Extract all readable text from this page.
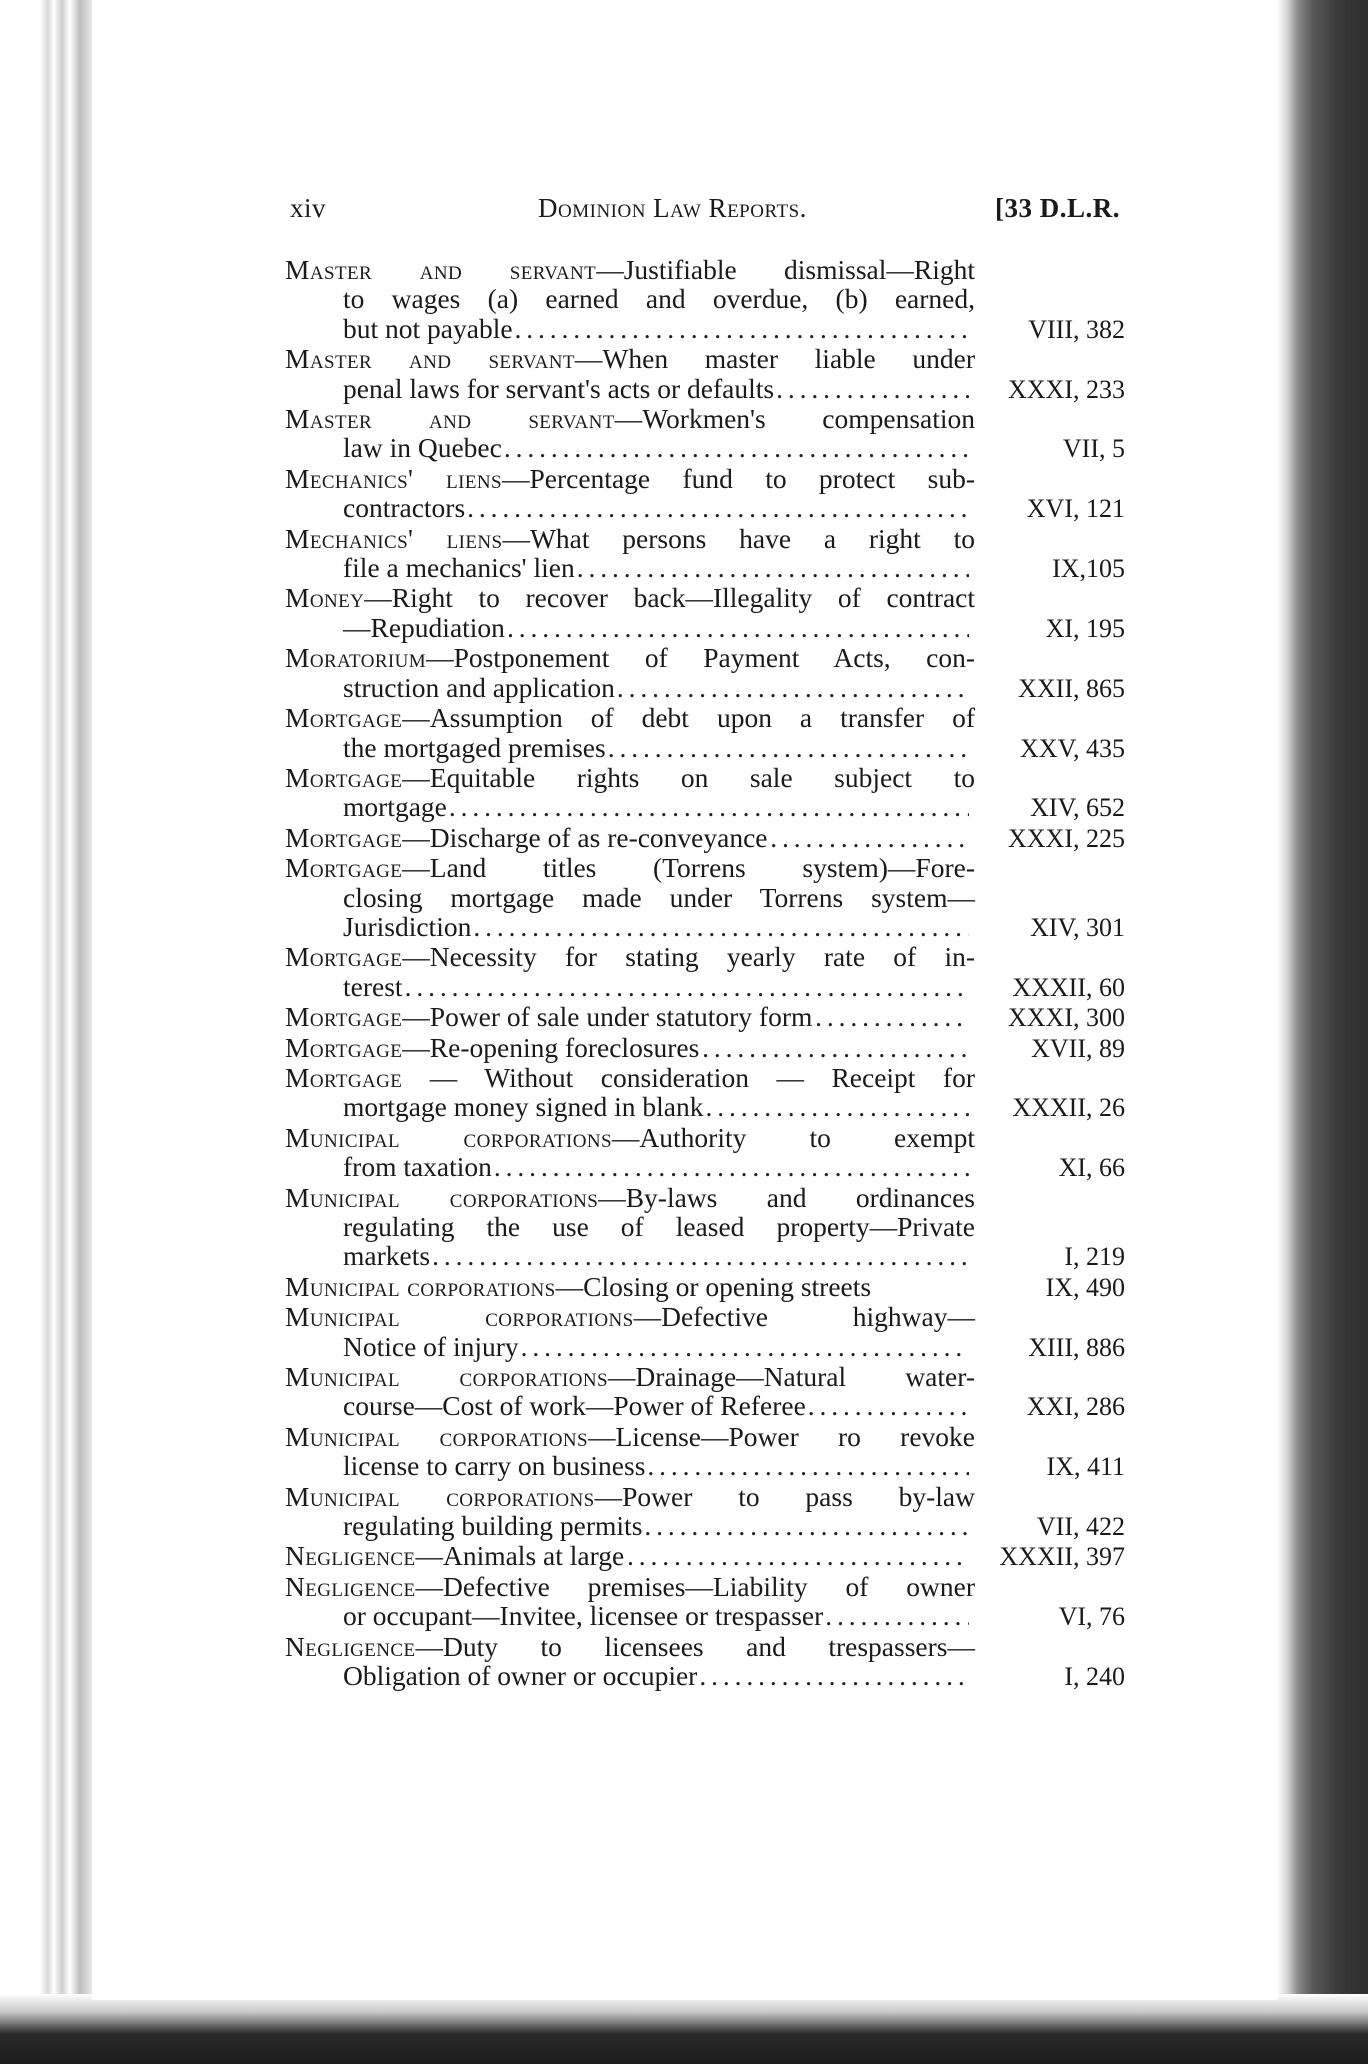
xiv	Dominion Law Reports.	[33 D.L.R.
Master and servant—Justifiable dismissal—Right
to wages (a) earned and overdue, (b) earned,
but not payable . . .	VIII, 382
Master and servant—When master liable under
penal laws for servant's acts or defaults . . .	XXXI, 233
Master and servant—Workmen's compensation
law in Quebec . . .	VII, 5
Mechanics' liens—Percentage fund to protect sub-
contractors . . .	XVI, 121
Mechanics' liens—What persons have a right to
file a mechanics' lien . . .	IX,105
Money—Right to recover back—Illegality of contract
—Repudiation . . .	XI, 195
Moratorium—Postponement of Payment Acts, con-
struction and application . . .	XXII, 865
Mortgage—Assumption of debt upon a transfer of
the mortgaged premises . . .	XXV, 435
Mortgage—Equitable rights on sale subject to
mortgage . . .	XIV, 652
Mortgage—Discharge of as re-conveyance . . .	XXXI, 225
Mortgage—Land titles (Torrens system)—Fore-
closing mortgage made under Torrens system—
Jurisdiction . . .	XIV, 301
Mortgage—Necessity for stating yearly rate of in-
terest . . .	XXXII, 60
Mortgage—Power of sale under statutory form . . .	XXXI, 300
Mortgage—Re-opening foreclosures . . .	XVII, 89
Mortgage — Without consideration — Receipt for
mortgage money signed in blank . . .	XXXII, 26
Municipal corporations—Authority to exempt
from taxation . . .	XI, 66
Municipal corporations—By-laws and ordinances
regulating the use of leased property—Private
markets . . .	I, 219
Municipal corporations—Closing or opening streets	IX, 490
Municipal corporations—Defective highway—
Notice of injury . . .	XIII, 886
Municipal corporations—Drainage—Natural water-
course—Cost of work—Power of Referee . . .	XXI, 286
Municipal corporations—License—Power ro revoke
license to carry on business . . .	IX, 411
Municipal corporations—Power to pass by-law
regulating building permits . . .	VII, 422
Negligence—Animals at large . . .	XXXII, 397
Negligence—Defective premises—Liability of owner
or occupant—Invitee, licensee or trespasser . . .	VI, 76
Negligence—Duty to licensees and trespassers—
Obligation of owner or occupier . . .	I, 240
